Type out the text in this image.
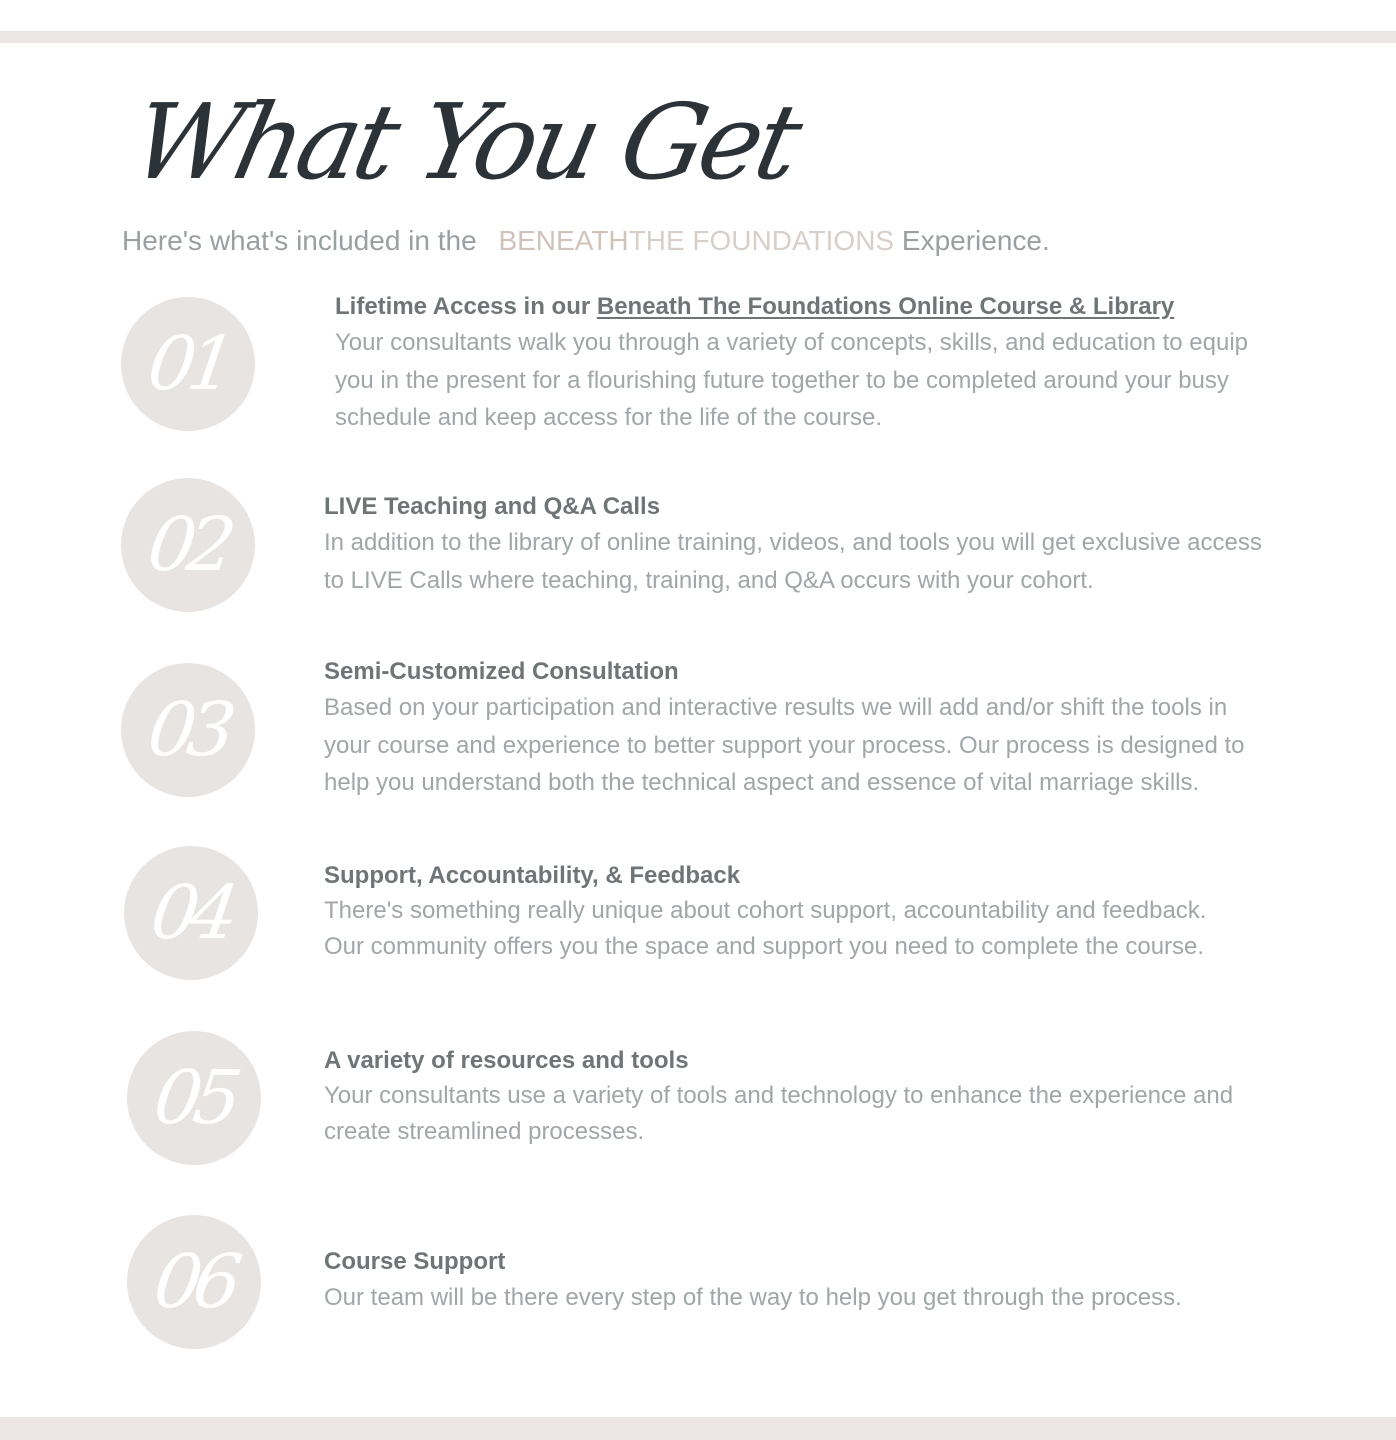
What You Get
Here's what's included in the BENEATHTHE FOUNDATIONS Experience.
01
Lifetime Access in our Beneath The Foundations Online Course & Library
Your consultants walk you through a variety of concepts, skills, and education to equip you in the present for a flourishing future together to be completed around your busy schedule and keep access for the life of the course.
02	LIVE Teaching and Q&A Calls
In addition to the library of online training, videos, and tools you will get exclusive access to LIVE Calls where teaching, training, and Q&A occurs with your cohort.
03
Semi-Customized Consultation
Based on your participation and interactive results we will add and/or shift the tools in your course and experience to better support your process. Our process is designed to help you understand both the technical aspect and essence of vital marriage skills.
04	Support, Accountability, & Feedback
There's something really unique about cohort support, accountability and feedback. Our community offers you the space and support you need to complete the course.
05	A variety of resources and tools
Your consultants use a variety of tools and technology to enhance the experience and create streamlined processes.
06	Course Support
Our team will be there every step of the way to help you get through the process.
